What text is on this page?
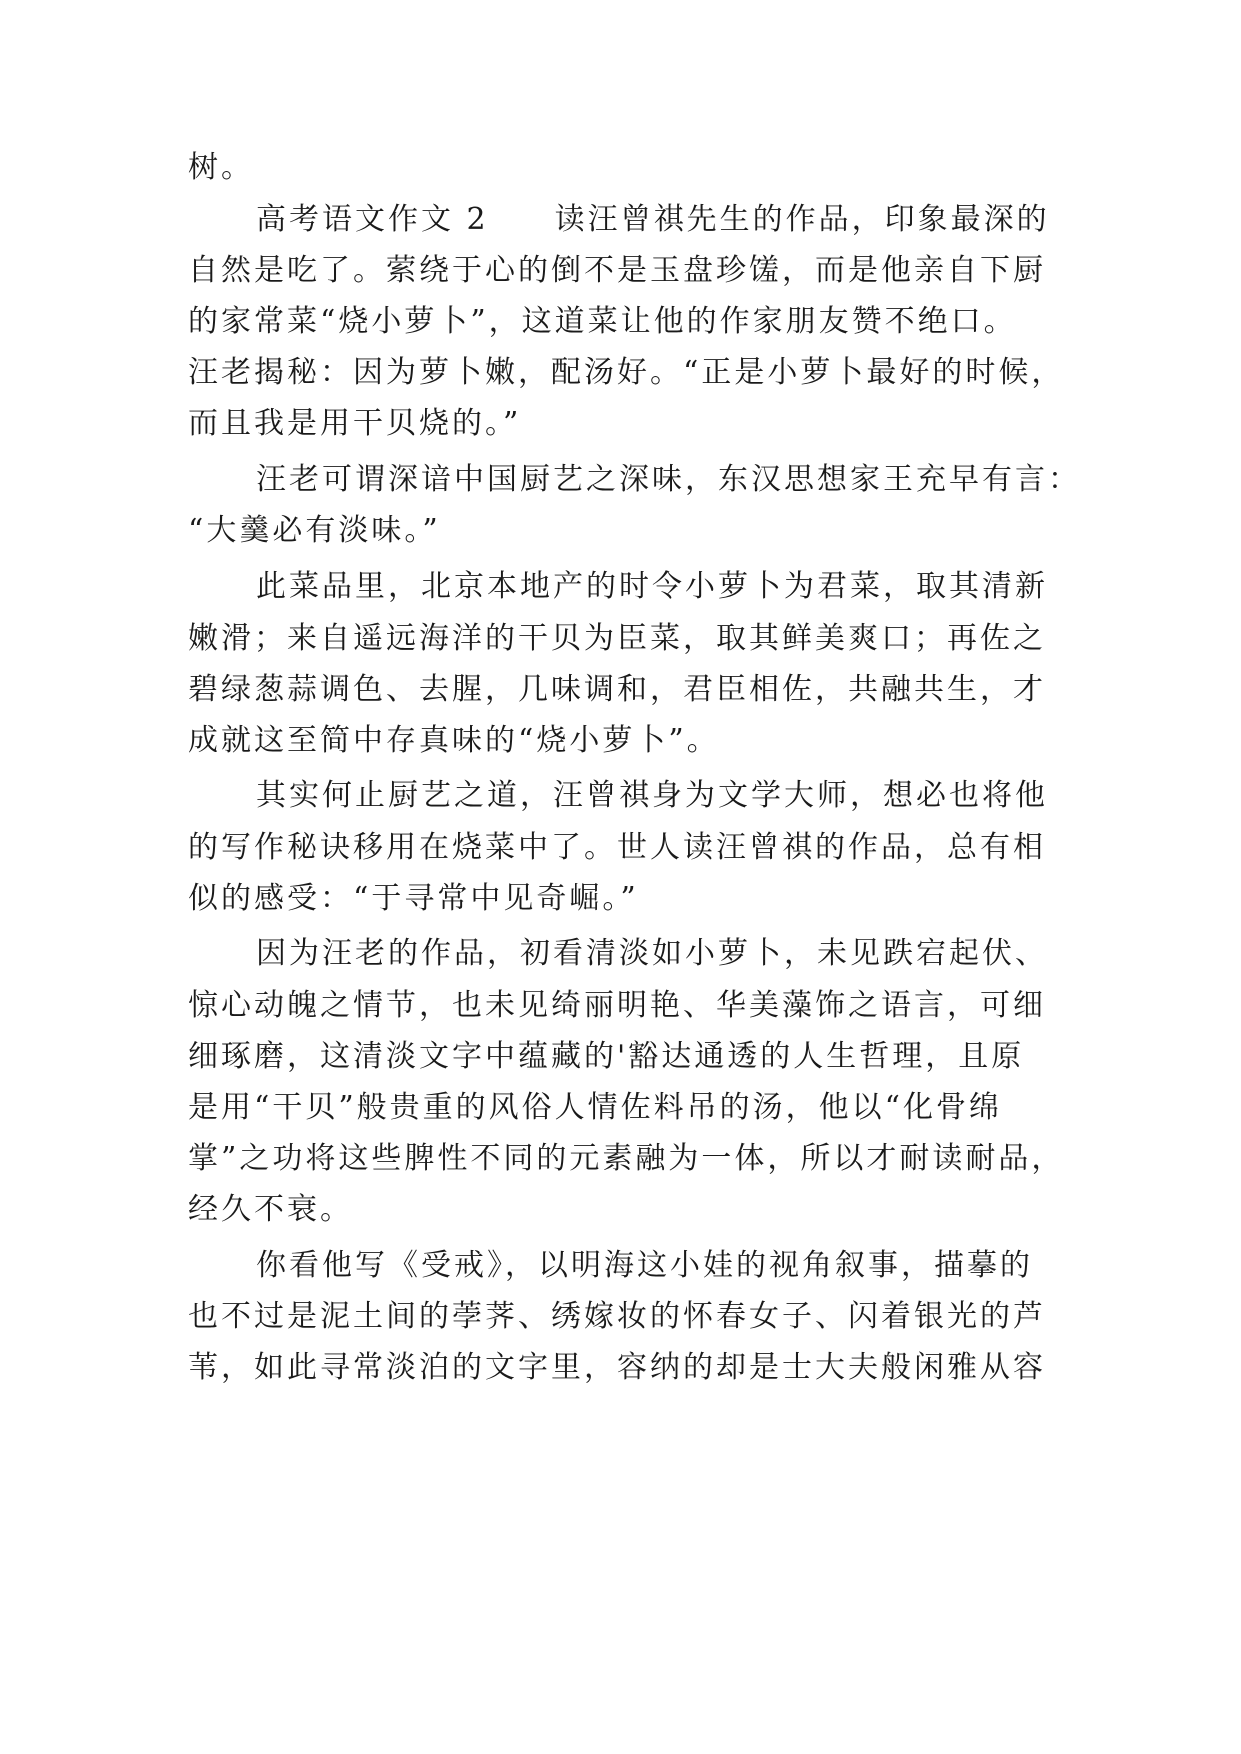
树。
高考语文作文 2　　读汪曾祺先生的作品，印象最深的
自然是吃了。萦绕于心的倒不是玉盘珍馐，而是他亲自下厨
的家常菜“烧小萝卜”，这道菜让他的作家朋友赞不绝口。
汪老揭秘：因为萝卜嫩，配汤好。“正是小萝卜最好的时候，
而且我是用干贝烧的。”
汪老可谓深谙中国厨艺之深味，东汉思想家王充早有言：
“大羹必有淡味。”
此菜品里，北京本地产的时令小萝卜为君菜，取其清新
嫩滑；来自遥远海洋的干贝为臣菜，取其鲜美爽口；再佐之
碧绿葱蒜调色、去腥，几味调和，君臣相佐，共融共生，才
成就这至简中存真味的“烧小萝卜”。
其实何止厨艺之道，汪曾祺身为文学大师，想必也将他
的写作秘诀移用在烧菜中了。世人读汪曾祺的作品，总有相
似的感受：“于寻常中见奇崛。”
因为汪老的作品，初看清淡如小萝卜，未见跌宕起伏、
惊心动魄之情节，也未见绮丽明艳、华美藻饰之语言，可细
细琢磨，这清淡文字中蕴藏的'豁达通透的人生哲理，且原
是用“干贝”般贵重的风俗人情佐料吊的汤，他以“化骨绵
掌”之功将这些脾性不同的元素融为一体，所以才耐读耐品，
经久不衰。
你看他写《受戒》，以明海这小娃的视角叙事，描摹的
也不过是泥土间的荸荠、绣嫁妆的怀春女子、闪着银光的芦
苇，如此寻常淡泊的文字里，容纳的却是士大夫般闲雅从容
